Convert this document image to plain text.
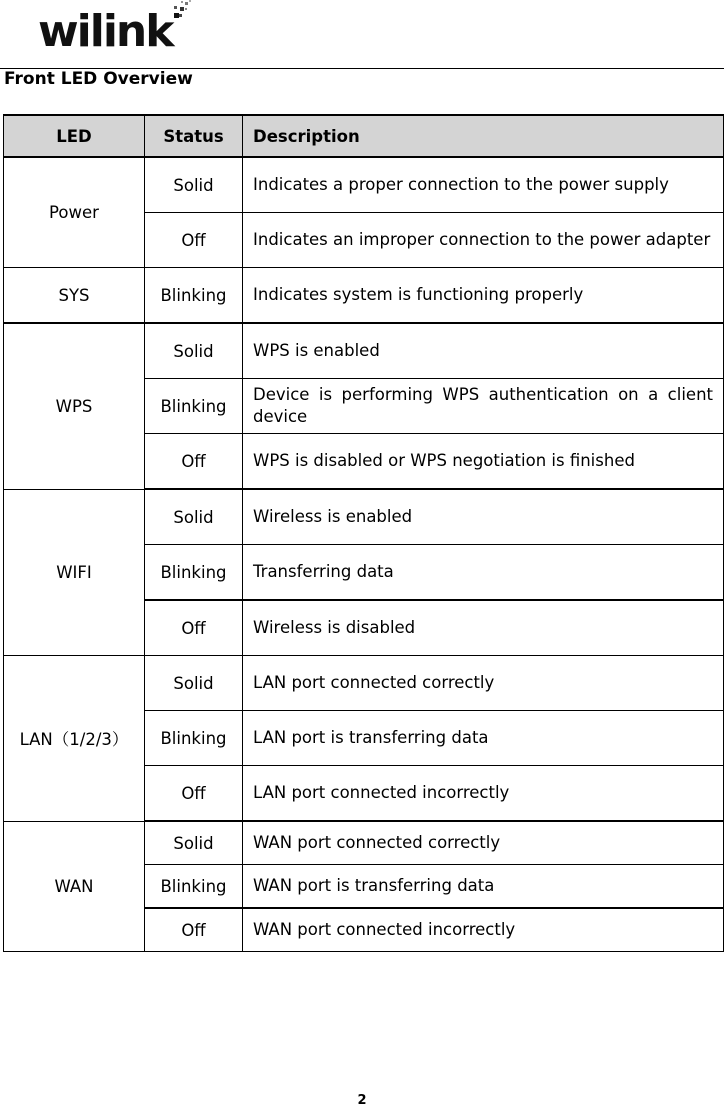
wilink
Front LED Overview
LED	Status	Description
Power	Solid	Indicates a proper connection to the power supply
	Off	Indicates an improper connection to the power adapter
SYS	Blinking	Indicates system is functioning properly
WPS	Solid	WPS is enabled
	Blinking	Device is performing WPS authentication on a client device
	Off	WPS is disabled or WPS negotiation is finished
WIFI	Solid	Wireless is enabled
	Blinking	Transferring data
	Off	Wireless is disabled
LAN（1/2/3）	Solid	LAN port connected correctly
	Blinking	LAN port is transferring data
	Off	LAN port connected incorrectly
WAN	Solid	WAN port connected correctly
	Blinking	WAN port is transferring data
	Off	WAN port connected incorrectly
2
